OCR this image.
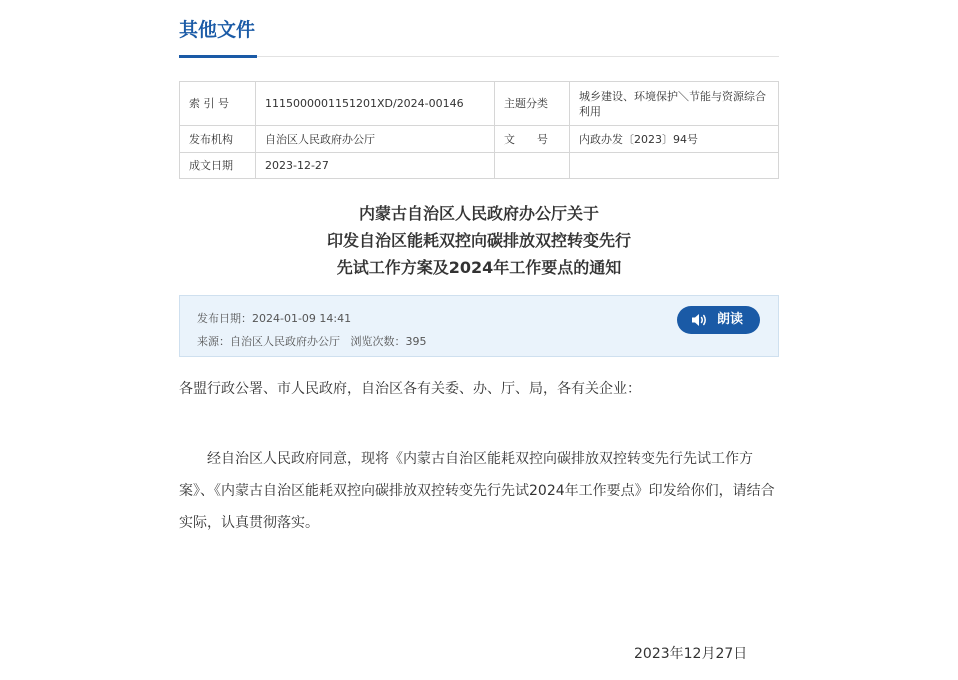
其他文件
索 引 号	1115000001151201XD/2024-00146	主题分类	城乡建设、环境保护＼节能与资源综合利用
发布机构	自治区人民政府办公厅	文　　号	内政办发〔2023〕94号
成文日期	2023-12-27		
内蒙古自治区人民政府办公厅关于
印发自治区能耗双控向碳排放双控转变先行
先试工作方案及2024年工作要点的通知
发布日期：2024-01-09 14:41
来源：自治区人民政府办公厅 浏览次数：395
朗读
各盟行政公署、市人民政府，自治区各有关委、办、厅、局，各有关企业：
经自治区人民政府同意，现将《内蒙古自治区能耗双控向碳排放双控转变先行先试工作方案》、《内蒙古自治区能耗双控向碳排放双控转变先行先试2024年工作要点》印发给你们，请结合实际，认真贯彻落实。
2023年12月27日
